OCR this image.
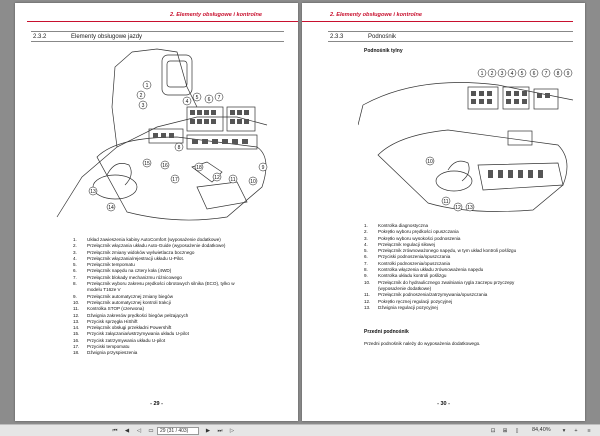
2. Elementy obsługowe i kontrolne
2.3.2	Elementy obsługowe jazdy
1
2
3
4
5 6 7
8
9
10
11
12
13
14
15 16
17
18
1. Układ zawieszenia kabiny AutoComfort (wyposażenie dodatkowe)
2. Przełącznik włączania układu Auto-Guide (wyposażenie dodatkowe)
3. Przełącznik zmiany widoków wyświetlacza bocznego
4. Przełącznik włączania/rejestracji układu U-Pilot.
5. Przełącznik tempomatu
6. Przełącznik napędu na cztery koła (4WD)
7. Przełącznik blokady mechanizmu różnicowego
8. Przełącznik wyboru zakresu prędkości obrotowych silnika (ECO), tylko w
modelu T162e V
9. Przełącznik automatycznej zmiany biegów
10. Przełącznik automatycznej kontroli trakcji
11. Kontrolka STOP (czerwona)
12. Dźwignia zakresów prędkości biegów pełzających
13. Przycisk sprzęgła HiShift
14. Przełącznik obsługi przekładni Powershift
15. Przycisk załączania/wstrzymywania układu U-pilot
16. Przycisk zatrzymywania układu U-pilot
17. Przyciski tempomatu
18. Dźwignia przyspieszenia
- 29 -
2. Elementy obsługowe i kontrolne
2.3.3	Podnośnik
Podnośnik tylny
1 2 3 4 5 6 7 8 9
10
11
12 13
1. Kontrolka diagnostyczna
2. Pokrętło wyboru prędkości opuszczania
3. Pokrętło wyboru wysokości podnoszenia
4. Przełącznik regulacji siłowej
5. Przełącznik zrównoważonego napędu, w tym układ kontroli poślizgu
6. Przyciski podnoszenia/opuszczania
7. Kontrolki podnoszenia/opuszczania
8. Kontrolka włączenia układu zrównoważenia napędu
9. Kontrolka układu kontroli poślizgu
10. Przełącznik do hydraulicznego zwalniania rygla zaczepu przyczepy
(wyposażenie dodatkowe)
11. Przełącznik podnoszenia/zatrzymywania/opuszczania
12. Pokrętło ręcznej regulacji pozycyjnej
13. Dźwignia regulacji pozycyjnej
Przedni podnośnik
Przedni podnośnik należy do wyposażenia dodatkowego.
- 30 -
⏮	◀	◁	▭	29 (31 / 403)	▶	⏭	▷	⊡	⊞	▯	84,40%	▾	+	≡
